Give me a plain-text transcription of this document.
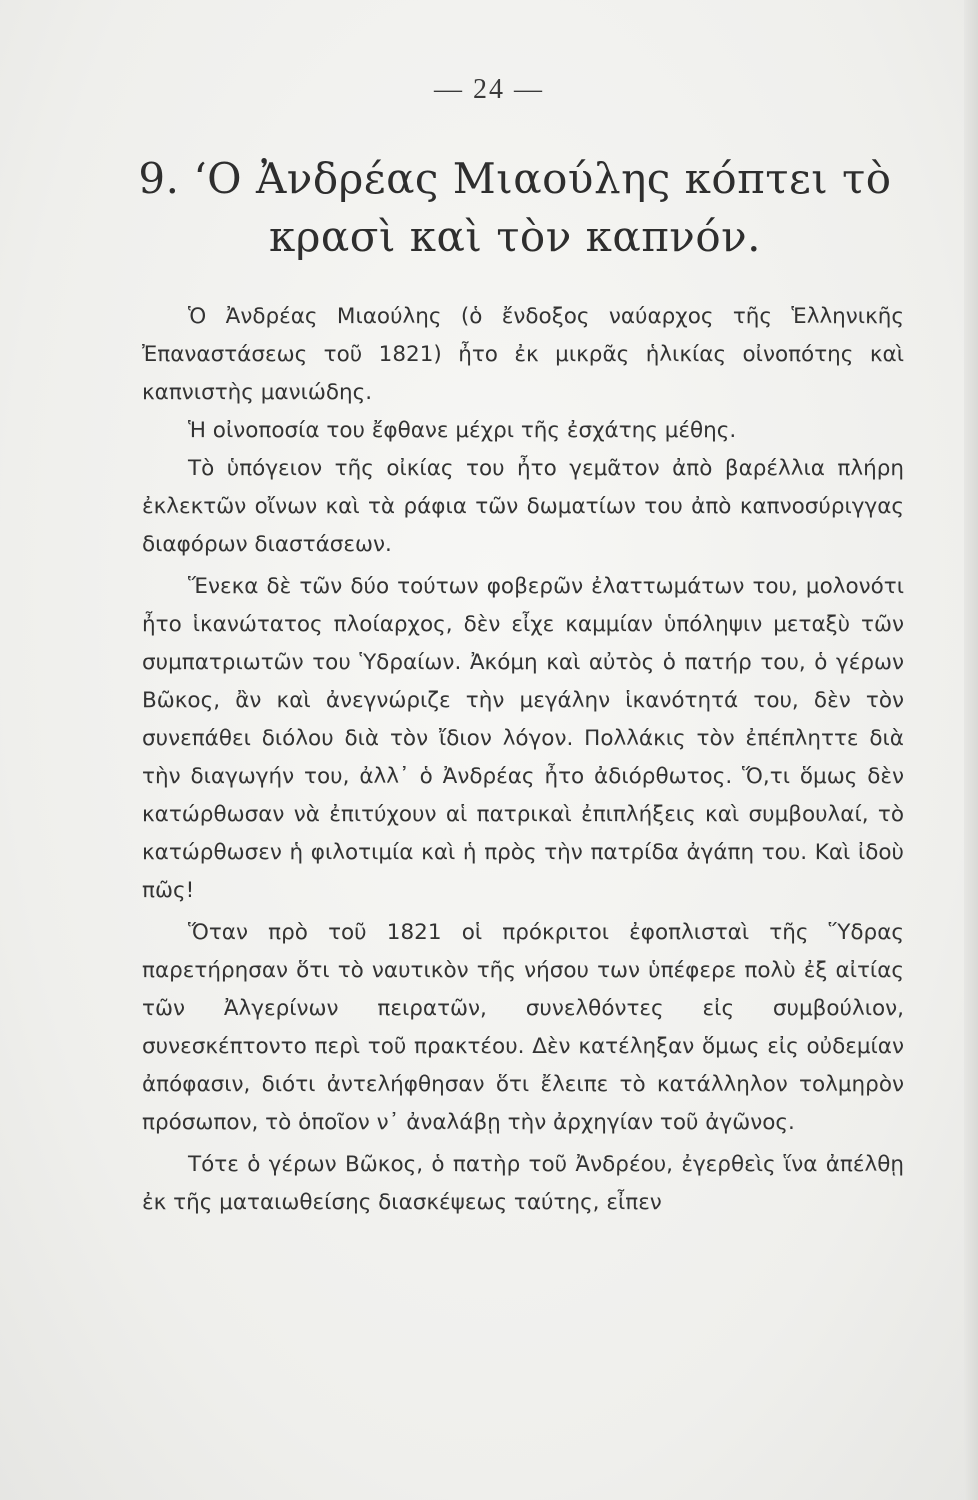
— 24 —
9. ‘Ο Ἀνδρέας Μιαούλης κόπτει τὸ κρασὶ καὶ τὸν καπνόν.

Ὁ Ἀνδρέας Μιαούλης (ὁ ἔνδοξος ναύαρχος τῆς Ἑλληνικῆς Ἐπαναστάσεως τοῦ 1821) ἦτο ἐκ μικρᾶς ἡλικίας οἰνοπότης καὶ καπνιστὴς μανιώδης.

Ἡ οἰνοποσία του ἔφθανε μέχρι τῆς ἐσχάτης μέθης.

Τὸ ὑπόγειον τῆς οἰκίας του ἦτο γεμᾶτον ἀπὸ βαρέλλια πλήρη ἐκλεκτῶν οἴνων καὶ τὰ ράφια τῶν δωματίων του ἀπὸ καπνοσύριγγας διαφόρων διαστάσεων.

Ἕνεκα δὲ τῶν δύο τούτων φοβερῶν ἐλαττωμάτων του, μολονότι ἦτο ἱκανώτατος πλοίαρχος, δὲν εἶχε καμμίαν ὑπόληψιν μεταξὺ τῶν συμπατριωτῶν του Ὑδραίων. Ἀκόμη καὶ αὐτὸς ὁ πατήρ του, ὁ γέρων Βῶκος, ἂν καὶ ἀνεγνώριζε τὴν μεγάλην ἱκανότητά του, δὲν τὸν συνεπάθει διόλου διὰ τὸν ἴδιον λόγον. Πολλάκις τὸν ἐπέπληττε διὰ τὴν διαγωγήν του, ἀλλ᾽ ὁ Ἀνδρέας ἦτο ἀδιόρθωτος. Ὅ,τι ὅμως δὲν κατώρθωσαν νὰ ἐπιτύχουν αἱ πατρικαὶ ἐπιπλήξεις καὶ συμβουλαί, τὸ κατώρθωσεν ἡ φιλοτιμία καὶ ἡ πρὸς τὴν πατρίδα ἀγάπη του. Καὶ ἰδοὺ πῶς!

Ὅταν πρὸ τοῦ 1821 οἱ πρόκριτοι ἐφοπλισταὶ τῆς Ὕδρας παρετήρησαν ὅτι τὸ ναυτικὸν τῆς νήσου των ὑπέφερε πολὺ ἐξ αἰτίας τῶν Ἀλγερίνων πειρατῶν, συνελθόντες εἰς συμβούλιον, συνεσκέπτοντο περὶ τοῦ πρακτέου. Δὲν κατέληξαν ὅμως εἰς οὐδεμίαν ἀπόφασιν, διότι ἀντελήφθησαν ὅτι ἔλειπε τὸ κατάλληλον τολμηρὸν πρόσωπον, τὸ ὁποῖον ν᾽ ἀναλάβῃ τὴν ἀρχηγίαν τοῦ ἀγῶνος.

Τότε ὁ γέρων Βῶκος, ὁ πατὴρ τοῦ Ἀνδρέου, ἐγερθεὶς ἵνα ἀπέλθῃ ἐκ τῆς ματαιωθείσης διασκέψεως ταύτης, εἶπεν
